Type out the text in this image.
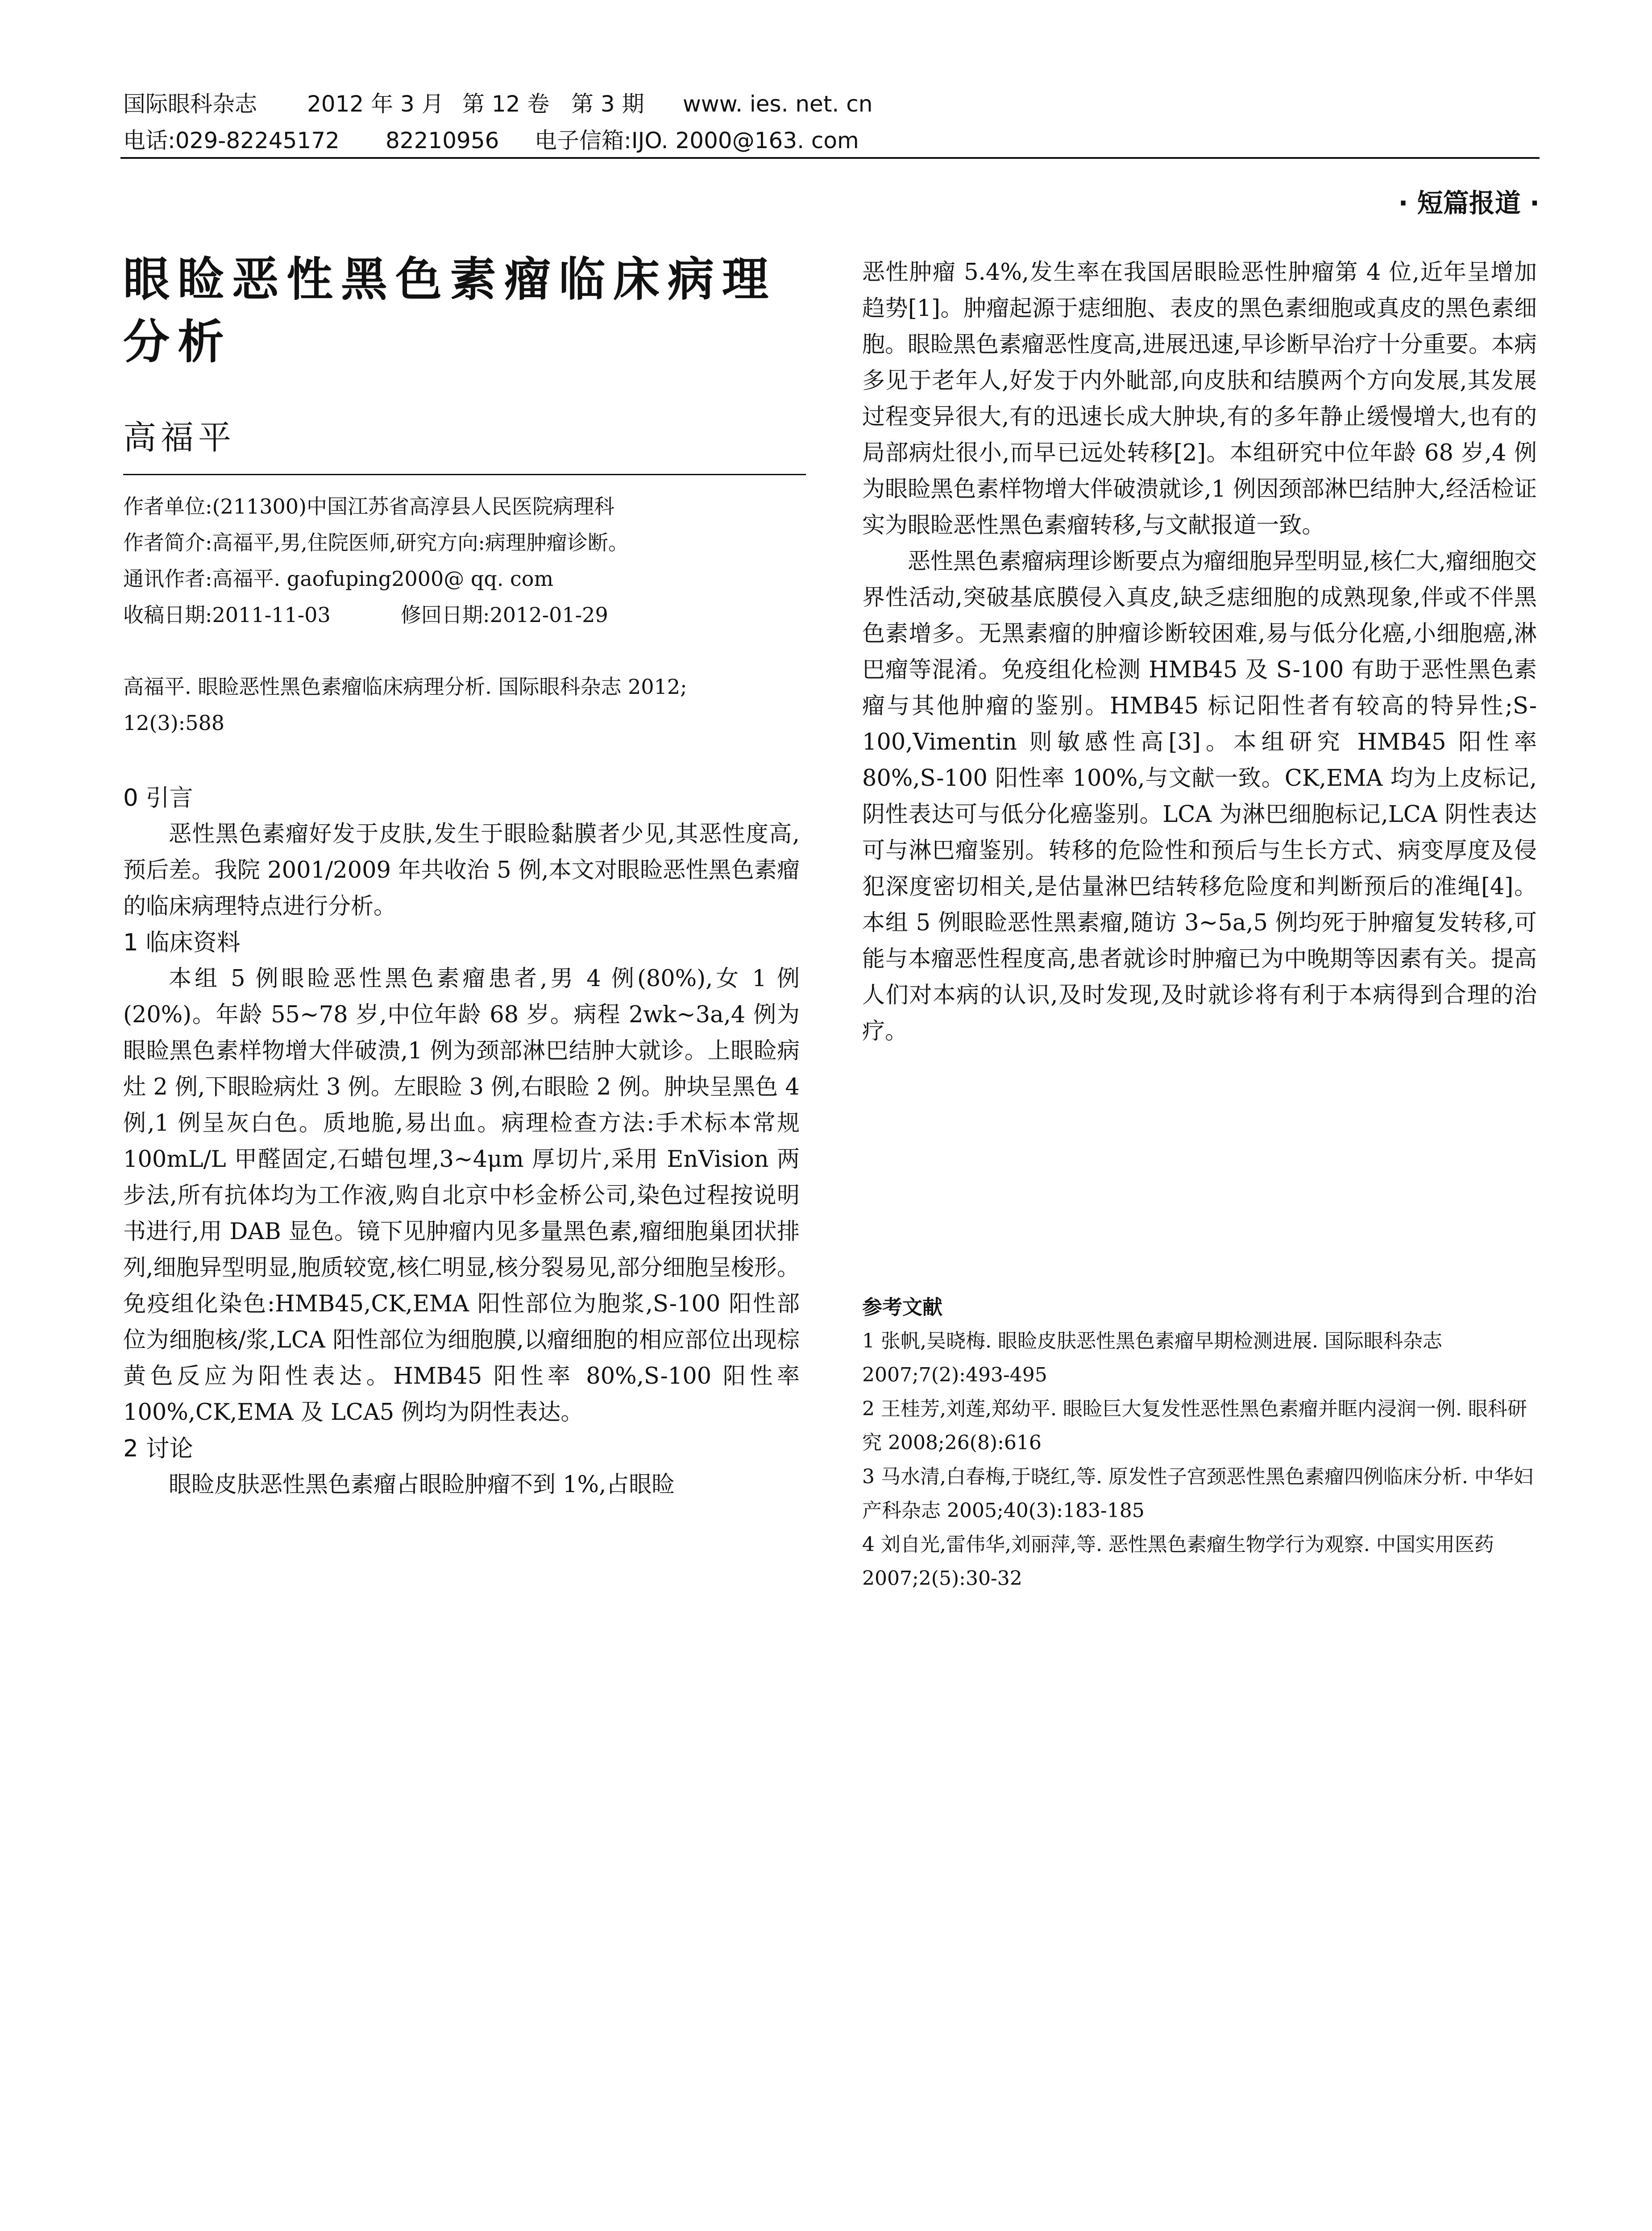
国际眼科杂志 2012 年 3 月 第 12 卷 第 3 期 www. ies. net. cn
电话:029-82245172 82210956 电子信箱:IJO. 2000@163. com
· 短篇报道 ·
眼睑恶性黑色素瘤临床病理分析
高福平
作者单位:(211300)中国江苏省高淳县人民医院病理科
作者简介:高福平,男,住院医师,研究方向:病理肿瘤诊断。
通讯作者:高福平. gaofuping2000@ qq. com
收稿日期:2011-11-03	修回日期:2012-01-29
高福平. 眼睑恶性黑色素瘤临床病理分析. 国际眼科杂志 2012;
12(3):588
0 引言

恶性黑色素瘤好发于皮肤,发生于眼睑黏膜者少见,其恶性度高,预后差。我院 2001/2009 年共收治 5 例,本文对眼睑恶性黑色素瘤的临床病理特点进行分析。

1 临床资料

本组 5 例眼睑恶性黑色素瘤患者,男 4 例(80%),女 1 例(20%)。年龄 55~78 岁,中位年龄 68 岁。病程 2wk~3a,4 例为眼睑黑色素样物增大伴破溃,1 例为颈部淋巴结肿大就诊。上眼睑病灶 2 例,下眼睑病灶 3 例。左眼睑 3 例,右眼睑 2 例。肿块呈黑色 4 例,1 例呈灰白色。质地脆,易出血。病理检查方法:手术标本常规 100mL/L 甲醛固定,石蜡包埋,3~4μm 厚切片,采用 EnVision 两步法,所有抗体均为工作液,购自北京中杉金桥公司,染色过程按说明书进行,用 DAB 显色。镜下见肿瘤内见多量黑色素,瘤细胞巢团状排列,细胞异型明显,胞质较宽,核仁明显,核分裂易见,部分细胞呈梭形。免疫组化染色:HMB45,CK,EMA 阳性部位为胞浆,S-100 阳性部位为细胞核/浆,LCA 阳性部位为细胞膜,以瘤细胞的相应部位出现棕黄色反应为阳性表达。HMB45 阳性率 80%,S-100 阳性率 100%,CK,EMA 及 LCA5 例均为阴性表达。

2 讨论

眼睑皮肤恶性黑色素瘤占眼睑肿瘤不到 1%,占眼睑

恶性肿瘤 5.4%,发生率在我国居眼睑恶性肿瘤第 4 位,近年呈增加趋势[1]。肿瘤起源于痣细胞、表皮的黑色素细胞或真皮的黑色素细胞。眼睑黑色素瘤恶性度高,进展迅速,早诊断早治疗十分重要。本病多见于老年人,好发于内外眦部,向皮肤和结膜两个方向发展,其发展过程变异很大,有的迅速长成大肿块,有的多年静止缓慢增大,也有的局部病灶很小,而早已远处转移[2]。本组研究中位年龄 68 岁,4 例为眼睑黑色素样物增大伴破溃就诊,1 例因颈部淋巴结肿大,经活检证实为眼睑恶性黑色素瘤转移,与文献报道一致。

恶性黑色素瘤病理诊断要点为瘤细胞异型明显,核仁大,瘤细胞交界性活动,突破基底膜侵入真皮,缺乏痣细胞的成熟现象,伴或不伴黑色素增多。无黑素瘤的肿瘤诊断较困难,易与低分化癌,小细胞癌,淋巴瘤等混淆。免疫组化检测 HMB45 及 S-100 有助于恶性黑色素瘤与其他肿瘤的鉴别。HMB45 标记阳性者有较高的特异性;S-100,Vimentin 则敏感性高[3]。本组研究 HMB45 阳性率 80%,S-100 阳性率 100%,与文献一致。CK,EMA 均为上皮标记,阴性表达可与低分化癌鉴别。LCA 为淋巴细胞标记,LCA 阴性表达可与淋巴瘤鉴别。转移的危险性和预后与生长方式、病变厚度及侵犯深度密切相关,是估量淋巴结转移危险度和判断预后的准绳[4]。本组 5 例眼睑恶性黑素瘤,随访 3~5a,5 例均死于肿瘤复发转移,可能与本瘤恶性程度高,患者就诊时肿瘤已为中晚期等因素有关。提高人们对本病的认识,及时发现,及时就诊将有利于本病得到合理的治疗。

参考文献
1 张帆,吴晓梅. 眼睑皮肤恶性黑色素瘤早期检测进展. 国际眼科杂志 2007;7(2):493-495
2 王桂芳,刘莲,郑幼平. 眼睑巨大复发性恶性黑色素瘤并眶内浸润一例. 眼科研究 2008;26(8):616
3 马水清,白春梅,于晓红,等. 原发性子宫颈恶性黑色素瘤四例临床分析. 中华妇产科杂志 2005;40(3):183-185
4 刘自光,雷伟华,刘丽萍,等. 恶性黑色素瘤生物学行为观察. 中国实用医药 2007;2(5):30-32
